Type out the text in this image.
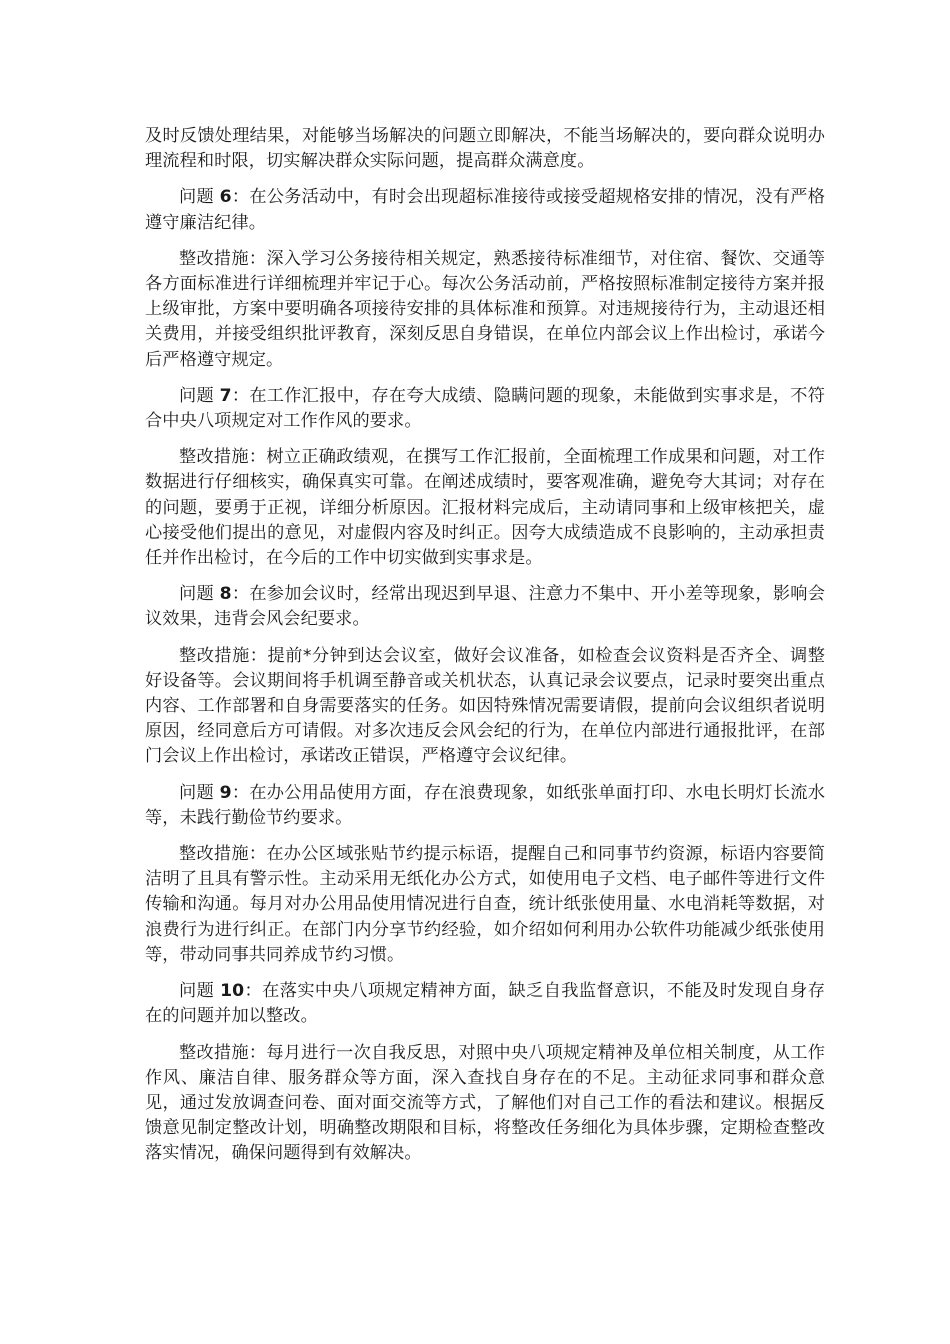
及时反馈处理结果，对能够当场解决的问题立即解决，不能当场解决的，要向群众说明办理流程和时限，切实解决群众实际问题，提高群众满意度。

问题 6：在公务活动中，有时会出现超标准接待或接受超规格安排的情况，没有严格遵守廉洁纪律。

整改措施：深入学习公务接待相关规定，熟悉接待标准细节，对住宿、餐饮、交通等各方面标准进行详细梳理并牢记于心。每次公务活动前，严格按照标准制定接待方案并报上级审批，方案中要明确各项接待安排的具体标准和预算。对违规接待行为，主动退还相关费用，并接受组织批评教育，深刻反思自身错误，在单位内部会议上作出检讨，承诺今后严格遵守规定。

问题 7：在工作汇报中，存在夸大成绩、隐瞒问题的现象，未能做到实事求是，不符合中央八项规定对工作作风的要求。

整改措施：树立正确政绩观，在撰写工作汇报前，全面梳理工作成果和问题，对工作数据进行仔细核实，确保真实可靠。在阐述成绩时，要客观准确，避免夸大其词；对存在的问题，要勇于正视，详细分析原因。汇报材料完成后，主动请同事和上级审核把关，虚心接受他们提出的意见，对虚假内容及时纠正。因夸大成绩造成不良影响的，主动承担责任并作出检讨，在今后的工作中切实做到实事求是。

问题 8：在参加会议时，经常出现迟到早退、注意力不集中、开小差等现象，影响会议效果，违背会风会纪要求。

整改措施：提前*分钟到达会议室，做好会议准备，如检查会议资料是否齐全、调整好设备等。会议期间将手机调至静音或关机状态，认真记录会议要点，记录时要突出重点内容、工作部署和自身需要落实的任务。如因特殊情况需要请假，提前向会议组织者说明原因，经同意后方可请假。对多次违反会风会纪的行为，在单位内部进行通报批评，在部门会议上作出检讨，承诺改正错误，严格遵守会议纪律。

问题 9：在办公用品使用方面，存在浪费现象，如纸张单面打印、水电长明灯长流水等，未践行勤俭节约要求。

整改措施：在办公区域张贴节约提示标语，提醒自己和同事节约资源，标语内容要简洁明了且具有警示性。主动采用无纸化办公方式，如使用电子文档、电子邮件等进行文件传输和沟通。每月对办公用品使用情况进行自查，统计纸张使用量、水电消耗等数据，对浪费行为进行纠正。在部门内分享节约经验，如介绍如何利用办公软件功能减少纸张使用等，带动同事共同养成节约习惯。

问题 10：在落实中央八项规定精神方面，缺乏自我监督意识，不能及时发现自身存在的问题并加以整改。

整改措施：每月进行一次自我反思，对照中央八项规定精神及单位相关制度，从工作作风、廉洁自律、服务群众等方面，深入查找自身存在的不足。主动征求同事和群众意见，通过发放调查问卷、面对面交流等方式，了解他们对自己工作的看法和建议。根据反馈意见制定整改计划，明确整改期限和目标，将整改任务细化为具体步骤，定期检查整改落实情况，确保问题得到有效解决。
